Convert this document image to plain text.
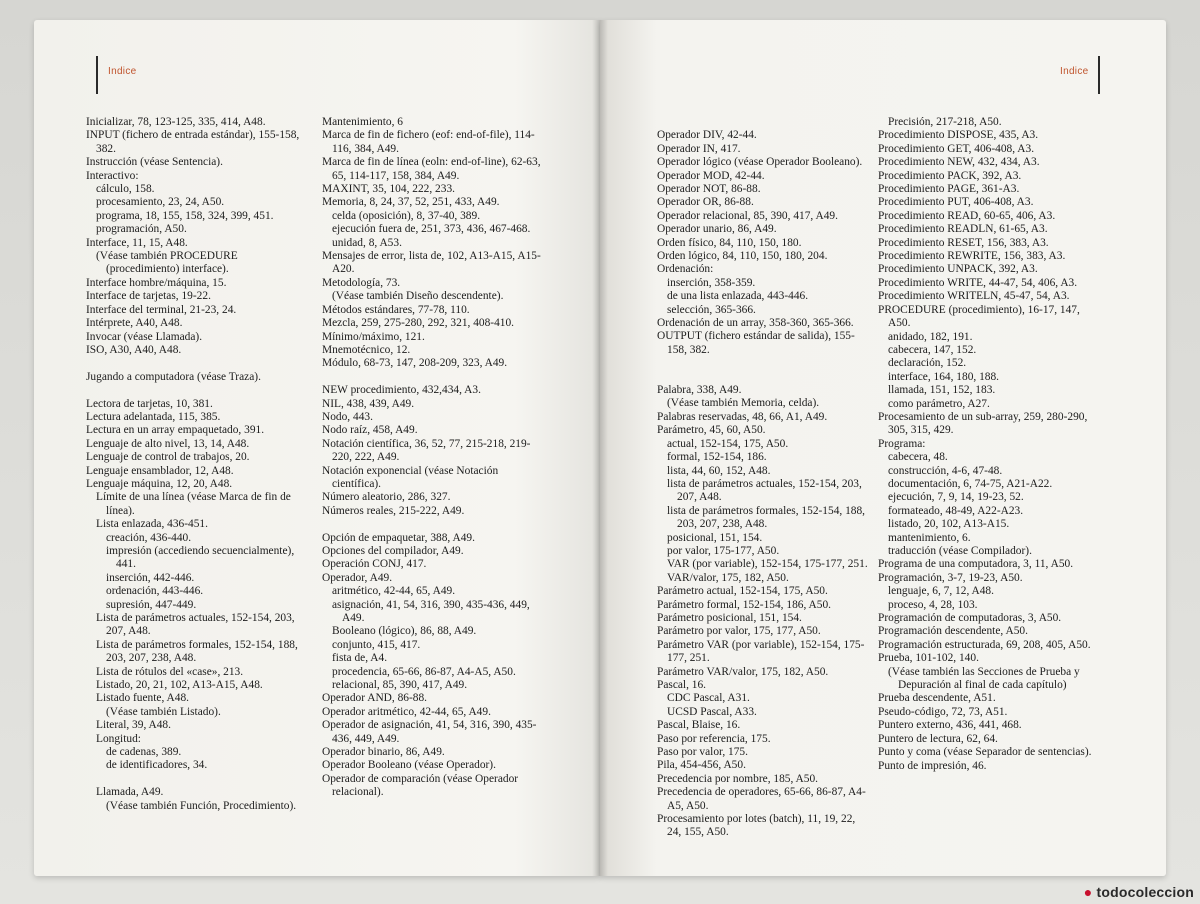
Indice	Indice
Inicializar, 78, 123-125, 335, 414, A48.
INPUT (fichero de entrada estándar), 155-158, 382.
Instrucción (véase Sentencia).
Interactivo:
cálculo, 158.
procesamiento, 23, 24, A50.
programa, 18, 155, 158, 324, 399, 451.
programación, A50.
Interface, 11, 15, A48.
(Véase también PROCEDURE (procedimiento) interface).
Interface hombre/máquina, 15.
Interface de tarjetas, 19-22.
Interface del terminal, 21-23, 24.
Intérprete, A40, A48.
Invocar (véase Llamada).
ISO, A30, A40, A48.
Jugando a computadora (véase Traza).
Lectora de tarjetas, 10, 381.
Lectura adelantada, 115, 385.
Lectura en un array empaquetado, 391.
Lenguaje de alto nivel, 13, 14, A48.
Lenguaje de control de trabajos, 20.
Lenguaje ensamblador, 12, A48.
Lenguaje máquina, 12, 20, A48.
Límite de una línea (véase Marca de fin de línea).
Lista enlazada, 436-451.
creación, 436-440.
impresión (accediendo secuencialmente), 441.
inserción, 442-446.
ordenación, 443-446.
supresión, 447-449.
Lista de parámetros actuales, 152-154, 203, 207, A48.
Lista de parámetros formales, 152-154, 188, 203, 207, 238, A48.
Lista de rótulos del «case», 213.
Listado, 20, 21, 102, A13-A15, A48.
Listado fuente, A48.
(Véase también Listado).
Literal, 39, A48.
Longitud:
de cadenas, 389.
de identificadores, 34.
Llamada, A49.
(Véase también Función, Procedimiento).
Mantenimiento, 6
Marca de fin de fichero (eof: end-of-file), 114-116, 384, A49.
Marca de fin de línea (eoln: end-of-line), 62-63, 65, 114-117, 158, 384, A49.
MAXINT, 35, 104, 222, 233.
Memoria, 8, 24, 37, 52, 251, 433, A49.
celda (oposición), 8, 37-40, 389.
ejecución fuera de, 251, 373, 436, 467-468.
unidad, 8, A53.
Mensajes de error, lista de, 102, A13-A15, A15-A20.
Metodología, 73.
(Véase también Diseño descendente).
Métodos estándares, 77-78, 110.
Mezcla, 259, 275-280, 292, 321, 408-410.
Mínimo/máximo, 121.
Mnemotécnico, 12.
Módulo, 68-73, 147, 208-209, 323, A49.
NEW procedimiento, 432,434, A3.
NIL, 438, 439, A49.
Nodo, 443.
Nodo raíz, 458, A49.
Notación científica, 36, 52, 77, 215-218, 219-220, 222, A49.
Notación exponencial (véase Notación científica).
Número aleatorio, 286, 327.
Números reales, 215-222, A49.
Opción de empaquetar, 388, A49.
Opciones del compilador, A49.
Operación CONJ, 417.
Operador, A49.
aritmético, 42-44, 65, A49.
asignación, 41, 54, 316, 390, 435-436, 449, A49.
Booleano (lógico), 86, 88, A49.
conjunto, 415, 417.
fista de, A4.
procedencia, 65-66, 86-87, A4-A5, A50.
relacional, 85, 390, 417, A49.
Operador AND, 86-88.
Operador aritmético, 42-44, 65, A49.
Operador de asignación, 41, 54, 316, 390, 435-436, 449, A49.
Operador binario, 86, A49.
Operador Booleano (véase Operador).
Operador de comparación (véase Operador relacional).
Operador DIV, 42-44.
Operador IN, 417.
Operador lógico (véase Operador Booleano).
Operador MOD, 42-44.
Operador NOT, 86-88.
Operador OR, 86-88.
Operador relacional, 85, 390, 417, A49.
Operador unario, 86, A49.
Orden físico, 84, 110, 150, 180.
Orden lógico, 84, 110, 150, 180, 204.
Ordenación:
inserción, 358-359.
de una lista enlazada, 443-446.
selección, 365-366.
Ordenación de un array, 358-360, 365-366.
OUTPUT (fichero estándar de salida), 155-158, 382.
Palabra, 338, A49.
(Véase también Memoria, celda).
Palabras reservadas, 48, 66, A1, A49.
Parámetro, 45, 60, A50.
actual, 152-154, 175, A50.
formal, 152-154, 186.
lista, 44, 60, 152, A48.
lista de parámetros actuales, 152-154, 203, 207, A48.
lista de parámetros formales, 152-154, 188, 203, 207, 238, A48.
posicional, 151, 154.
por valor, 175-177, A50.
VAR (por variable), 152-154, 175-177, 251.
VAR/valor, 175, 182, A50.
Parámetro actual, 152-154, 175, A50.
Parámetro formal, 152-154, 186, A50.
Parámetro posicional, 151, 154.
Parámetro por valor, 175, 177, A50.
Parámetro VAR (por variable), 152-154, 175-177, 251.
Parámetro VAR/valor, 175, 182, A50.
Pascal, 16.
CDC Pascal, A31.
UCSD Pascal, A33.
Pascal, Blaise, 16.
Paso por referencia, 175.
Paso por valor, 175.
Pila, 454-456, A50.
Precedencia por nombre, 185, A50.
Precedencia de operadores, 65-66, 86-87, A4-A5, A50.
Procesamiento por lotes (batch), 11, 19, 22, 24, 155, A50.
Precisión, 217-218, A50.
Procedimiento DISPOSE, 435, A3.
Procedimiento GET, 406-408, A3.
Procedimiento NEW, 432, 434, A3.
Procedimiento PACK, 392, A3.
Procedimiento PAGE, 361-A3.
Procedimiento PUT, 406-408, A3.
Procedimiento READ, 60-65, 406, A3.
Procedimiento READLN, 61-65, A3.
Procedimiento RESET, 156, 383, A3.
Procedimiento REWRITE, 156, 383, A3.
Procedimiento UNPACK, 392, A3.
Procedimiento WRITE, 44-47, 54, 406, A3.
Procedimiento WRITELN, 45-47, 54, A3.
PROCEDURE (procedimiento), 16-17, 147, A50.
anidado, 182, 191.
cabecera, 147, 152.
declaración, 152.
interface, 164, 180, 188.
llamada, 151, 152, 183.
como parámetro, A27.
Procesamiento de un sub-array, 259, 280-290, 305, 315, 429.
Programa:
cabecera, 48.
construcción, 4-6, 47-48.
documentación, 6, 74-75, A21-A22.
ejecución, 7, 9, 14, 19-23, 52.
formateado, 48-49, A22-A23.
listado, 20, 102, A13-A15.
mantenimiento, 6.
traducción (véase Compilador).
Programa de una computadora, 3, 11, A50.
Programación, 3-7, 19-23, A50.
lenguaje, 6, 7, 12, A48.
proceso, 4, 28, 103.
Programación de computadoras, 3, A50.
Programación descendente, A50.
Programación estructurada, 69, 208, 405, A50.
Prueba, 101-102, 140.
(Véase también las Secciones de Prueba y Depuración al final de cada capítulo)
Prueba descendente, A51.
Pseudo-código, 72, 73, A51.
Puntero externo, 436, 441, 468.
Puntero de lectura, 62, 64.
Punto y coma (véase Separador de sentencias).
Punto de impresión, 46.
● todocoleccion
